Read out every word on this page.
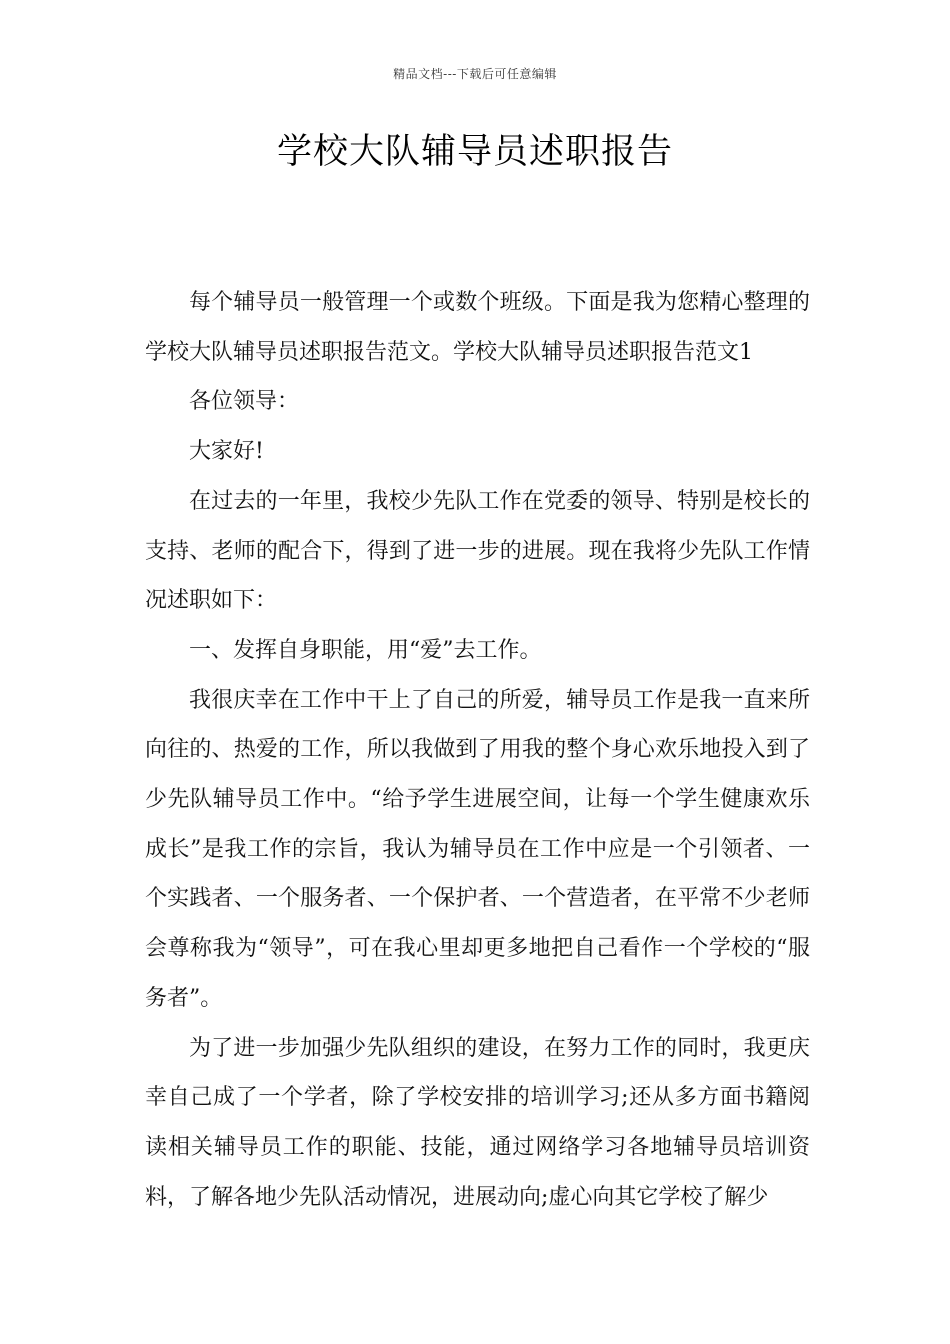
精品文档---下载后可任意编辑
学校大队辅导员述职报告

每个辅导员一般管理一个或数个班级。下面是我为您精心整理的学校大队辅导员述职报告范文。学校大队辅导员述职报告范文1

各位领导：

大家好!

在过去的一年里，我校少先队工作在党委的领导、特别是校长的支持、老师的配合下，得到了进一步的进展。现在我将少先队工作情况述职如下：

一、发挥自身职能，用“爱”去工作。

我很庆幸在工作中干上了自己的所爱，辅导员工作是我一直来所向往的、热爱的工作，所以我做到了用我的整个身心欢乐地投入到了少先队辅导员工作中。“给予学生进展空间，让每一个学生健康欢乐成长”是我工作的宗旨，我认为辅导员在工作中应是一个引领者、一个实践者、一个服务者、一个保护者、一个营造者，在平常不少老师会尊称我为“领导”，可在我心里却更多地把自己看作一个学校的“服务者”。

为了进一步加强少先队组织的建设，在努力工作的同时，我更庆幸自己成了一个学者，除了学校安排的培训学习;还从多方面书籍阅读相关辅导员工作的职能、技能，通过网络学习各地辅导员培训资料，了解各地少先队活动情况，进展动向;虚心向其它学校了解少
